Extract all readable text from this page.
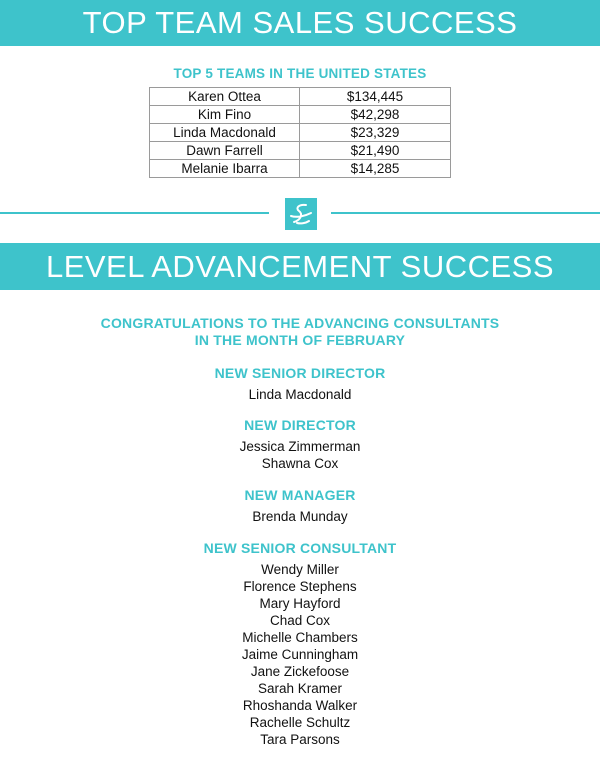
TOP TEAM SALES SUCCESS
TOP 5 TEAMS IN THE UNITED STATES
Karen Ottea	$134,445
Kim Fino	$42,298
Linda Macdonald	$23,329
Dawn Farrell	$21,490
Melanie Ibarra	$14,285
LEVEL ADVANCEMENT SUCCESS
CONGRATULATIONS TO THE ADVANCING CONSULTANTS
IN THE MONTH OF FEBRUARY
NEW SENIOR DIRECTOR
Linda Macdonald
NEW DIRECTOR
Jessica Zimmerman
Shawna Cox
NEW MANAGER
Brenda Munday
NEW SENIOR CONSULTANT
Wendy Miller
Florence Stephens
Mary Hayford
Chad Cox
Michelle Chambers
Jaime Cunningham
Jane Zickefoose
Sarah Kramer
Rhoshanda Walker
Rachelle Schultz
Tara Parsons
